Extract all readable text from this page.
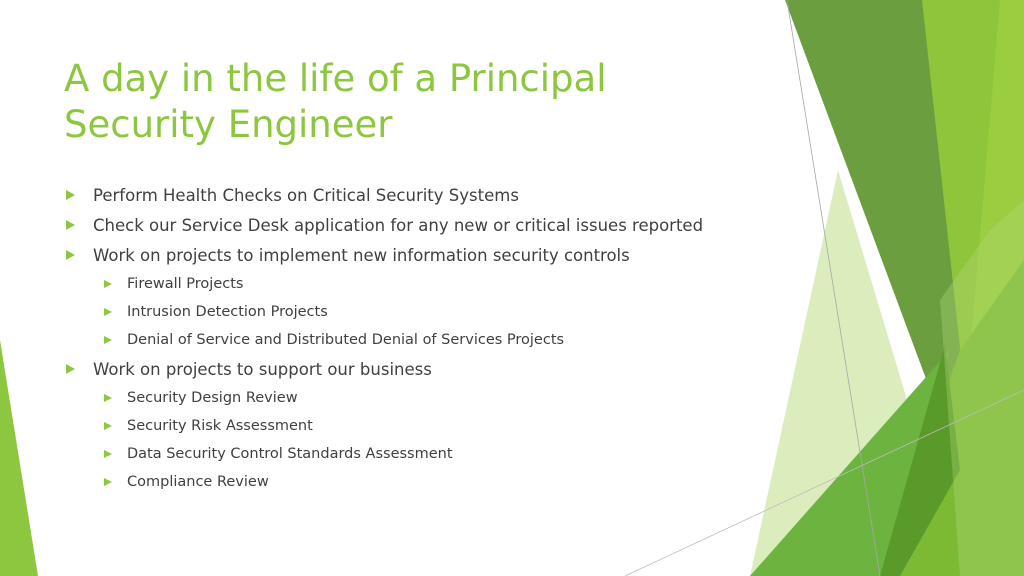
A day in the life of a Principal Security Engineer
Perform Health Checks on Critical Security Systems
Check our Service Desk application for any new or critical issues reported
Work on projects to implement new information security controls
Firewall Projects
Intrusion Detection Projects
Denial of Service and Distributed Denial of Services Projects
Work on projects to support our business
Security Design Review
Security Risk Assessment
Data Security Control Standards Assessment
Compliance Review
